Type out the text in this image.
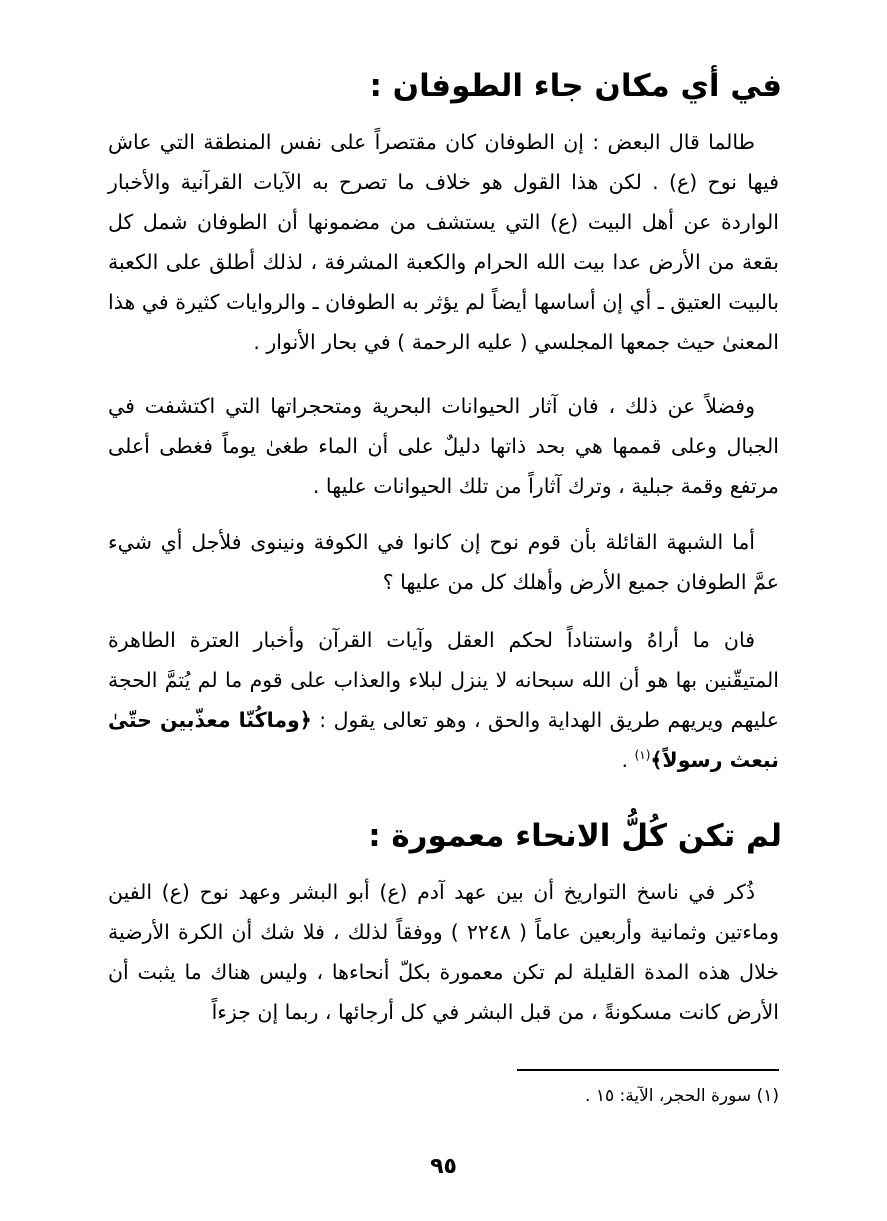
في أي مكان جاء الطوفان :

طالما قال البعض : إن الطوفان كان مقتصراً على نفس المنطقة التي عاش فيها نوح (ع) . لكن هذا القول هو خلاف ما تصرح به الآيات القرآنية والأخبار الواردة عن أهل البيت (ع) التي يستشف من مضمونها أن الطوفان شمل كل بقعة من الأرض عدا بيت الله الحرام والكعبة المشرفة ، لذلك أطلق على الكعبة بالبيت العتيق ـ أي إن أساسها أيضاً لم يؤثر به الطوفان ـ والروايات كثيرة في هذا المعنىٰ حيث جمعها المجلسي ( عليه الرحمة ) في بحار الأنوار .

وفضلاً عن ذلك ، فان آثار الحيوانات البحرية ومتحجراتها التي اكتشفت في الجبال وعلى قممها هي بحد ذاتها دليلٌ على أن الماء طغىٰ يوماً فغطى أعلى مرتفع وقمة جبلية ، وترك آثاراً من تلك الحيوانات عليها .

أما الشبهة القائلة بأن قوم نوح إن كانوا في الكوفة ونينوى فلأجل أي شيء عمَّ الطوفان جميع الأرض وأهلك كل من عليها ؟

فان ما أراهُ واستناداً لحكم العقل وآيات القرآن وأخبار العترة الطاهرة المتيقّنين بها هو أن الله سبحانه لا ينزل لبلاء والعذاب على قوم ما لم يُتمَّ الحجة عليهم ويريهم طريق الهداية والحق ، وهو تعالى يقول : ﴿وماكُنّا معذّبين حتّىٰ نبعث رسولاً﴾$^{(١)}$ .

لم تكن كُلُّ الانحاء معمورة :

ذُكر في ناسخ التواريخ أن بين عهد آدم (ع) أبو البشر وعهد نوح (ع) الفين وماءتين وثمانية وأربعين عاماً ( ٢٢٤٨ ) ووفقاً لذلك ، فلا شك أن الكرة الأرضية خلال هذه المدة القليلة لم تكن معمورة بكلّ أنحاءها ، وليس هناك ما يثبت أن الأرض كانت مسكونةً ، من قبل البشر في كل أرجائها ، ربما إن جزءاً

(١) سورة الحجر، الآية: ١٥ .

٩٥
